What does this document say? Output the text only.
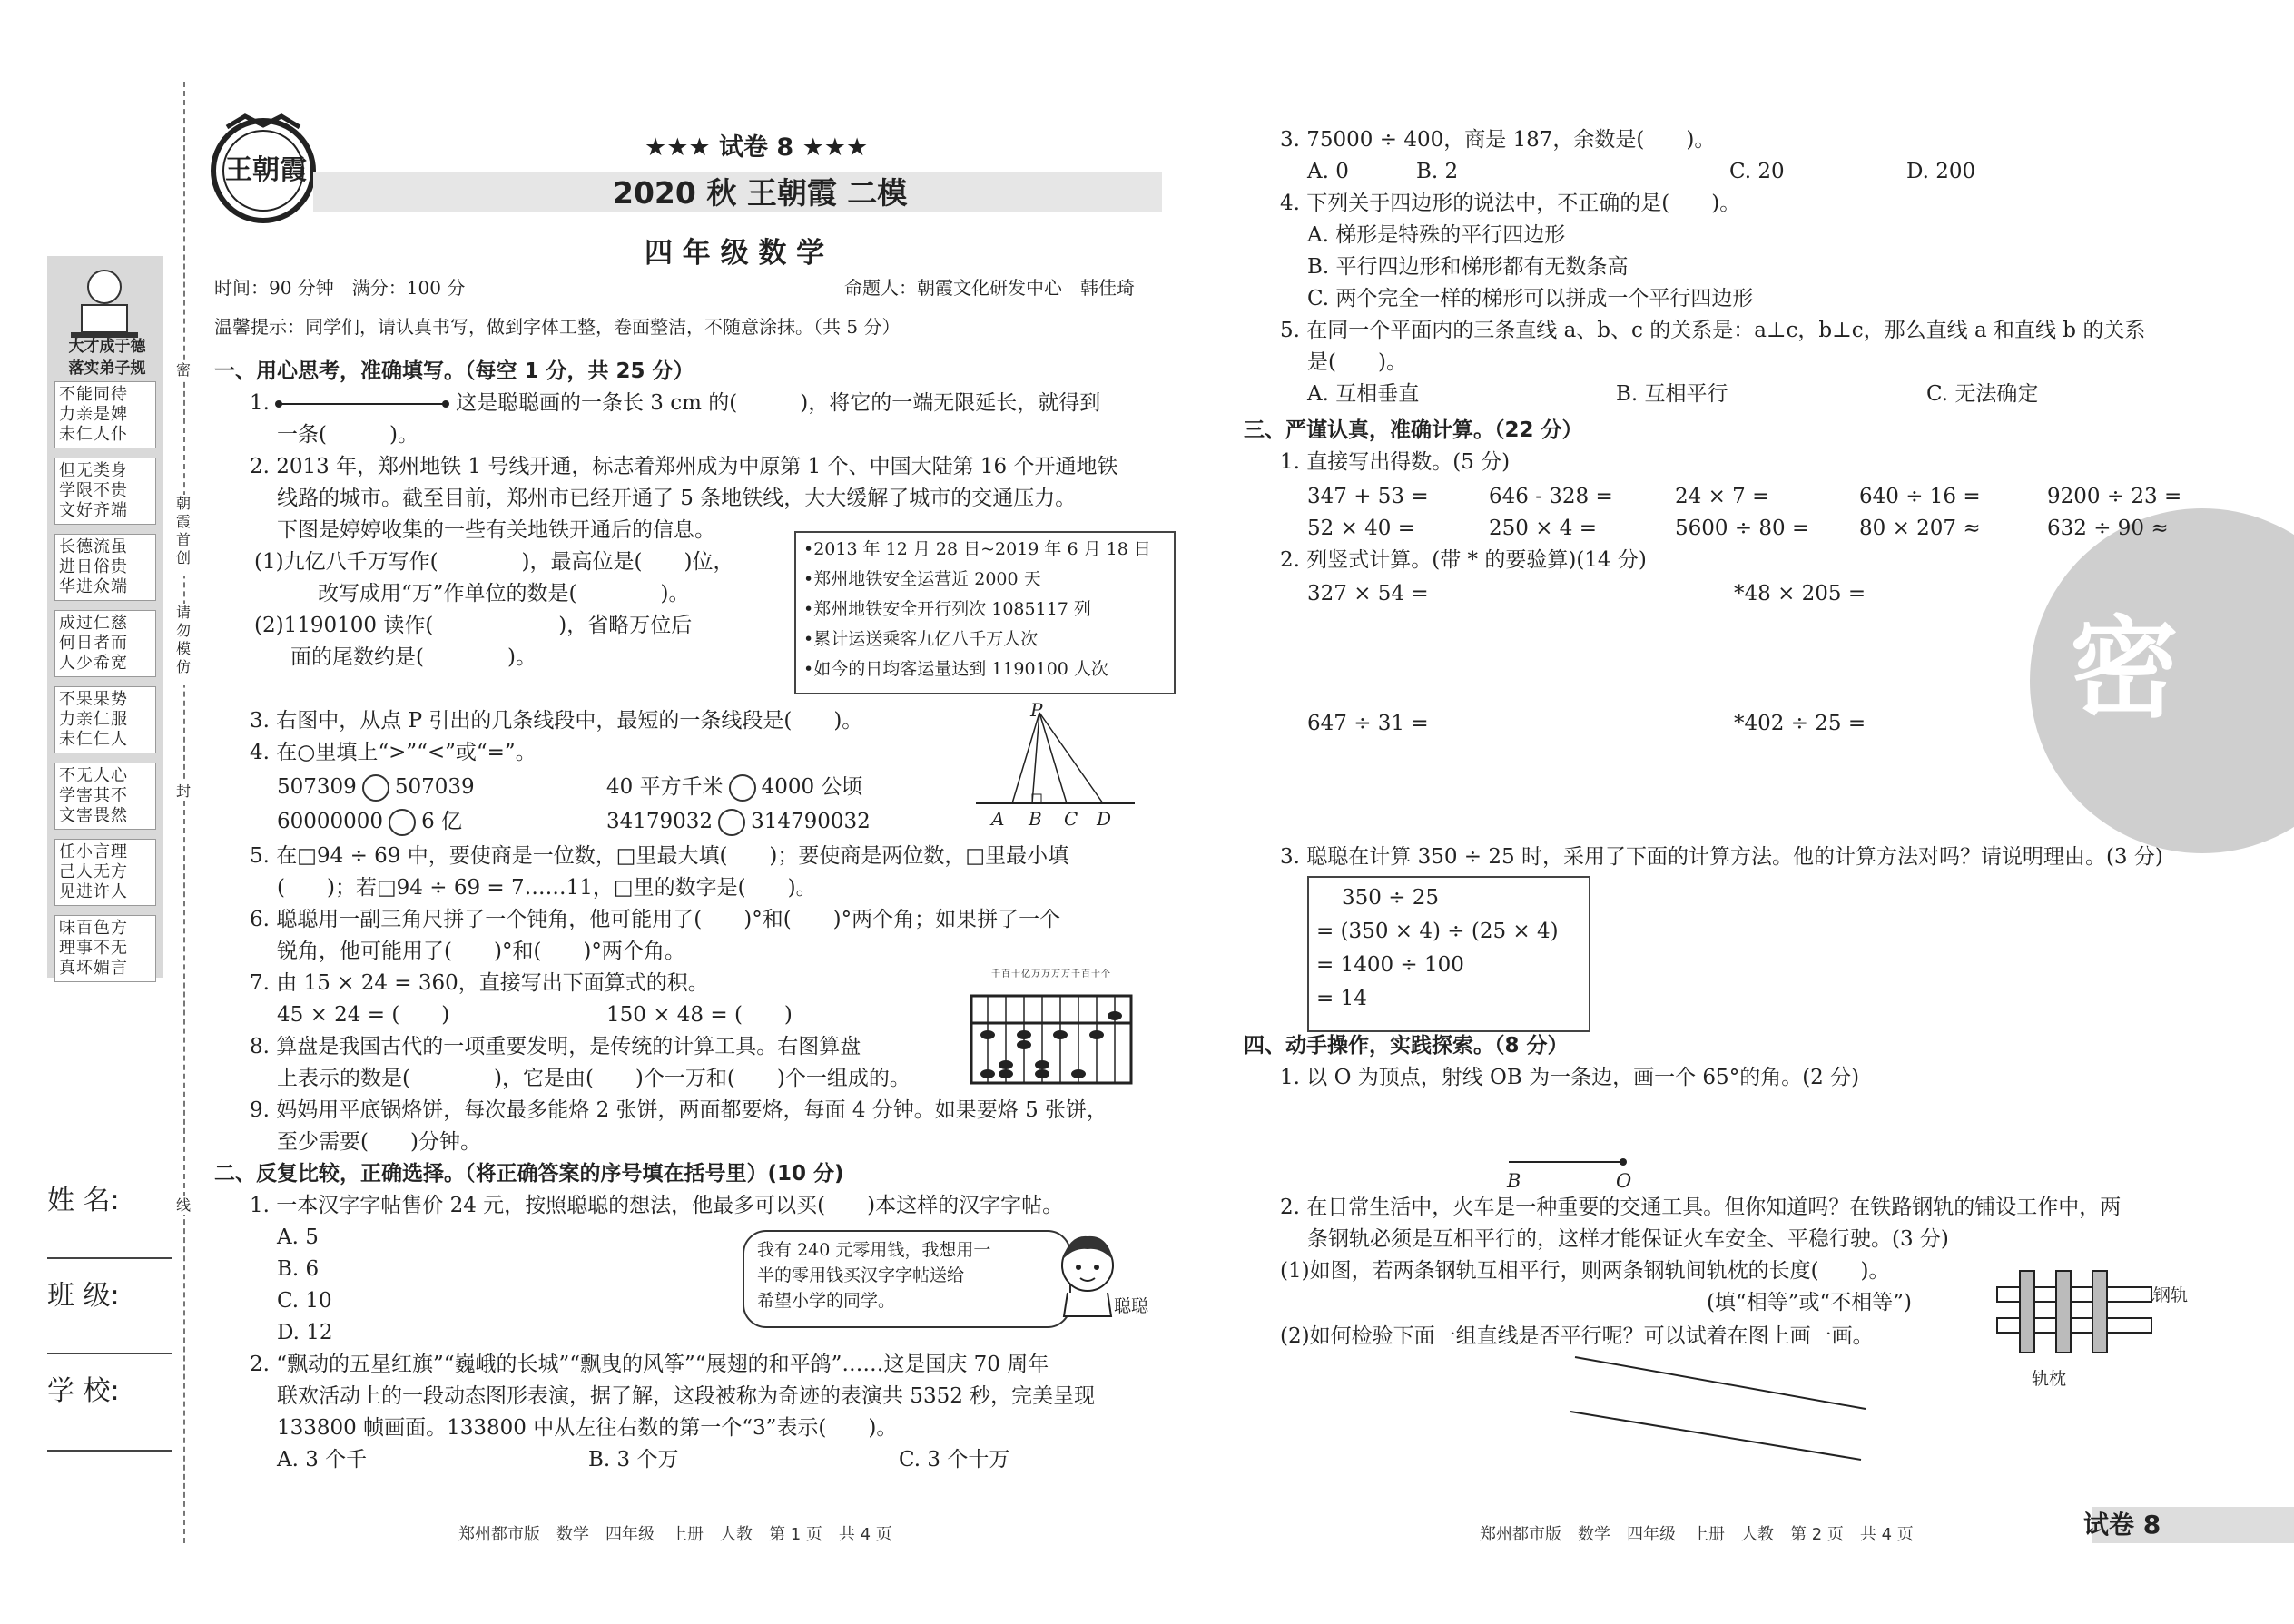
大才成于德
落实弟子规
不能同待
力亲是婢
未仁人仆
但无类身
学限不贵
文好齐端
长德流虽
进日俗贵
华进众端
成过仁慈
何日者而
人少希宽
不果果势
力亲仁服
未仁仁人
不无人心
学害其不
文害畏然
任小言理
己人无方
见进许人
味百色方
理事不无
真坏媚言
密
朝霞首创
请勿模仿
封
线
姓 名:
班 级:
学 校:
王朝霞
★★★ 试卷 8 ★★★
2020 秋 王朝霞 二模
四 年 级 数 学
时间：90 分钟　满分：100 分	命题人：朝霞文化研发中心　韩佳琦
温馨提示：同学们，请认真书写，做到字体工整，卷面整洁，不随意涂抹。（共 5 分）
一、用心思考，准确填写。（每空 1 分，共 25 分）
1.	这是聪聪画的一条长 3 cm 的(　　　)，将它的一端无限延长，就得到
一条(　　　)。
2. 2013 年，郑州地铁 1 号线开通，标志着郑州成为中原第 1 个、中国大陆第 16 个开通地铁
线路的城市。截至目前，郑州市已经开通了 5 条地铁线，大大缓解了城市的交通压力。
下图是婷婷收集的一些有关地铁开通后的信息。
(1)九亿八千万写作(　　　　)，最高位是(　　)位，
改写成用“万”作单位的数是(　　　　)。
(2)1190100 读作(　　　　　　)，省略万位后
面的尾数约是(　　　　)。
•2013 年 12 月 28 日~2019 年 6 月 18 日
•郑州地铁安全运营近 2000 天
•郑州地铁安全开行列次 1085117 列
•累计运送乘客九亿八千万人次
•如今的日均客运量达到 1190100 人次
3. 右图中，从点 P 引出的几条线段中，最短的一条线段是(　　)。	P
A B C D
4. 在○里填上“>”“<”或“=”。
507309 507039	40 平方千米 4000 公顷
60000000 6 亿	34179032 314790032
5. 在□94 ÷ 69 中，要使商是一位数，□里最大填(　　)；要使商是两位数，□里最小填
(　　)；若□94 ÷ 69 = 7……11，□里的数字是(　　)。
6. 聪聪用一副三角尺拼了一个钝角，他可能用了(　　)°和(　　)°两个角；如果拼了一个
锐角，他可能用了(　　)°和(　　)°两个角。
7. 由 15 × 24 = 360，直接写出下面算式的积。
45 × 24 = (　　)	150 × 48 = (　　)
千百十亿万万万万千百十个
8. 算盘是我国古代的一项重要发明，是传统的计算工具。右图算盘
上表示的数是(　　　　)，它是由(　　)个一万和(　　)个一组成的。
9. 妈妈用平底锅烙饼，每次最多能烙 2 张饼，两面都要烙，每面 4 分钟。如果要烙 5 张饼，
至少需要(　　)分钟。
二、反复比较，正确选择。（将正确答案的序号填在括号里）(10 分)
1. 一本汉字字帖售价 24 元，按照聪聪的想法，他最多可以买(　　)本这样的汉字字帖。
A. 5
B. 6
C. 10
D. 12
我有 240 元零用钱，我想用一
半的零用钱买汉字字帖送给
希望小学的同学。	聪聪
2. “飘动的五星红旗”“巍峨的长城”“飘曳的风筝”“展翅的和平鸽”……这是国庆 70 周年
联欢活动上的一段动态图形表演，据了解，这段被称为奇迹的表演共 5352 秒，完美呈现
133800 帧画面。133800 中从左往右数的第一个“3”表示(　　)。
A. 3 个千	B. 3 个万	C. 3 个十万
郑州都市版　数学　四年级　上册　人教　第 1 页　共 4 页
密
3. 75000 ÷ 400，商是 187，余数是(　　)。
A. 0	B. 2	C. 20	D. 200
4. 下列关于四边形的说法中，不正确的是(　　)。
A. 梯形是特殊的平行四边形
B. 平行四边形和梯形都有无数条高
C. 两个完全一样的梯形可以拼成一个平行四边形
5. 在同一个平面内的三条直线 a、b、c 的关系是：a⊥c，b⊥c，那么直线 a 和直线 b 的关系
是(　　)。
A. 互相垂直	B. 互相平行	C. 无法确定
三、严谨认真，准确计算。（22 分）
1. 直接写出得数。(5 分)
347 + 53 =	646 - 328 =	24 × 7 =	640 ÷ 16 =	9200 ÷ 23 =
52 × 40 =	250 × 4 =	5600 ÷ 80 = 80 × 207 ≈	632 ÷ 90 ≈
2. 列竖式计算。(带 * 的要验算)(14 分)
327 × 54 =	*48 × 205 =
647 ÷ 31 =	*402 ÷ 25 =
3. 聪聪在计算 350 ÷ 25 时，采用了下面的计算方法。他的计算方法对吗？请说明理由。(3 分)
350 ÷ 25
= (350 × 4) ÷ (25 × 4)
= 1400 ÷ 100
= 14
四、动手操作，实践探索。（8 分）
1. 以 O 为顶点，射线 OB 为一条边，画一个 65°的角。(2 分)
B	O
2. 在日常生活中，火车是一种重要的交通工具。但你知道吗？在铁路钢轨的铺设工作中，两
条钢轨必须是互相平行的，这样才能保证火车安全、平稳行驶。(3 分)
(1)如图，若两条钢轨互相平行，则两条钢轨间轨枕的长度(　　)。
(填“相等”或“不相等”)
(2)如何检验下面一组直线是否平行呢？可以试着在图上画一画。
钢轨
轨枕
郑州都市版　数学　四年级　上册　人教　第 2 页　共 4 页	试卷 8
